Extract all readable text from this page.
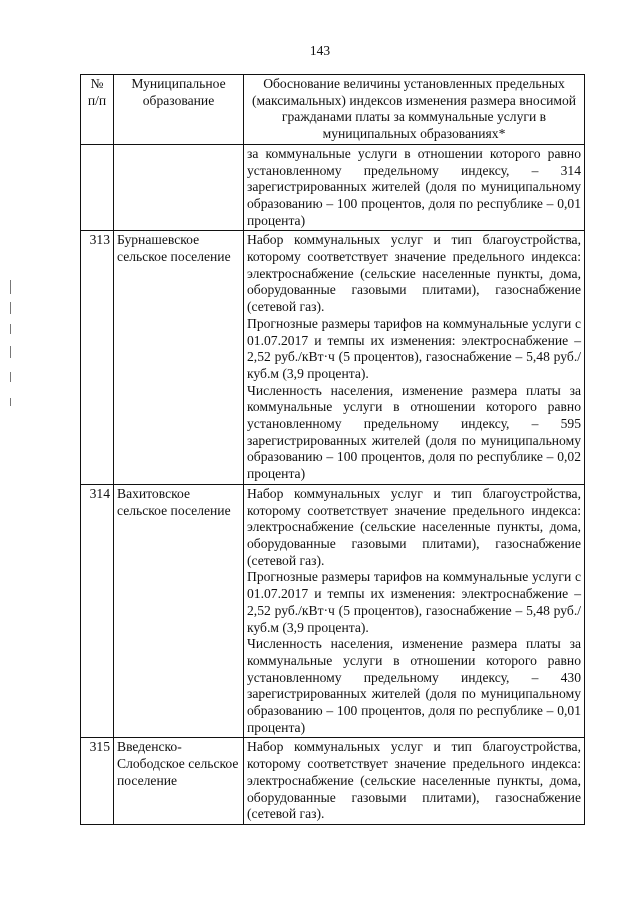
143
№ п/п	Муниципальное образование	Обоснование величины установленных предельных (максимальных) индексов изменения размера вносимой гражданами платы за коммунальные услуги в муниципальных образованиях*

		за коммунальные услуги в отношении которого равно установленному предельному индексу, – 314 зарегистрированных жителей (доля по муниципальному образованию – 100 процентов, доля по республике – 0,01 процента)

313	Бурнашевское сельское поселение	Набор коммунальных услуг и тип благоустройства, которому соответствует значение предельного индекса: электроснабжение (сельские населенные пункты, дома, оборудованные газовыми плитами), газоснабжение (сетевой газ).
Прогнозные размеры тарифов на коммунальные услуги с 01.07.2017 и темпы их изменения: электроснабжение – 2,52 руб./кВт·ч (5 процентов), газоснабжение – 5,48 руб./куб.м (3,9 процента).
Численность населения, изменение размера платы за коммунальные услуги в отношении которого равно установленному предельному индексу, – 595 зарегистрированных жителей (доля по муниципальному образованию – 100 процентов, доля по республике – 0,02 процента)

314	Вахитовское сельское поселение	Набор коммунальных услуг и тип благоустройства, которому соответствует значение предельного индекса: электроснабжение (сельские населенные пункты, дома, оборудованные газовыми плитами), газоснабжение (сетевой газ).
Прогнозные размеры тарифов на коммунальные услуги с 01.07.2017 и темпы их изменения: электроснабжение – 2,52 руб./кВт·ч (5 процентов), газоснабжение – 5,48 руб./куб.м (3,9 процента).
Численность населения, изменение размера платы за коммунальные услуги в отношении которого равно установленному предельному индексу, – 430 зарегистрированных жителей (доля по муниципальному образованию – 100 процентов, доля по республике – 0,01 процента)

315	Введенско-Слободское сельское поселение	Набор коммунальных услуг и тип благоустройства, которому соответствует значение предельного индекса: электроснабжение (сельские населенные пункты, дома, оборудованные газовыми плитами), газоснабжение (сетевой газ).
